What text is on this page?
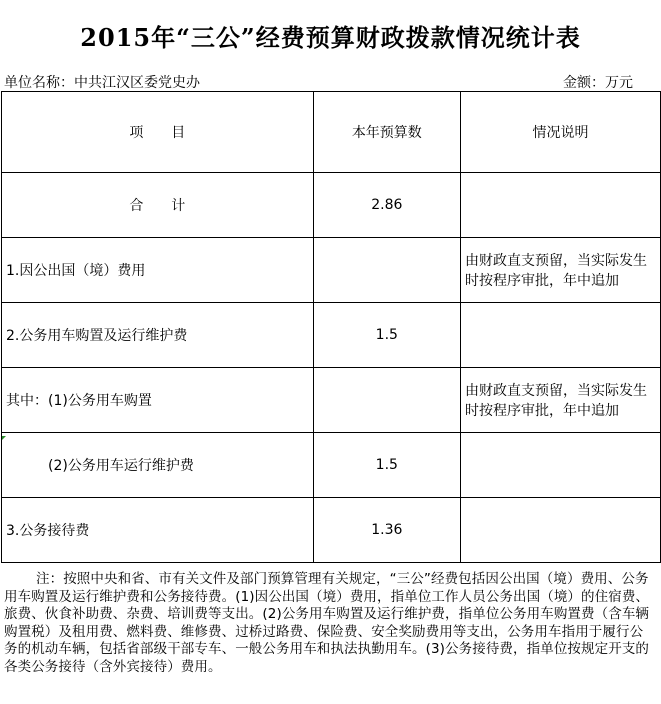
2015年“三公”经费预算财政拨款情况统计表
单位名称：中共江汉区委党史办	金额：万元
项　　目	本年预算数	情况说明
合　　计	2.86	
1.因公出国（境）费用		由财政直支预留，当实际发生时按程序审批，年中追加
2.公务用车购置及运行维护费	1.5	
其中：(1)公务用车购置		由财政直支预留，当实际发生时按程序审批，年中追加
(2)公务用车运行维护费	1.5	
3.公务接待费	1.36	
注：按照中央和省、市有关文件及部门预算管理有关规定，“三公”经费包括因公出国（境）费用、公务用车购置及运行维护费和公务接待费。(1)因公出国（境）费用，指单位工作人员公务出国（境）的住宿费、旅费、伙食补助费、杂费、培训费等支出。(2)公务用车购置及运行维护费，指单位公务用车购置费（含车辆购置税）及租用费、燃料费、维修费、过桥过路费、保险费、安全奖励费用等支出，公务用车指用于履行公务的机动车辆，包括省部级干部专车、一般公务用车和执法执勤用车。(3)公务接待费，指单位按规定开支的各类公务接待（含外宾接待）费用。
